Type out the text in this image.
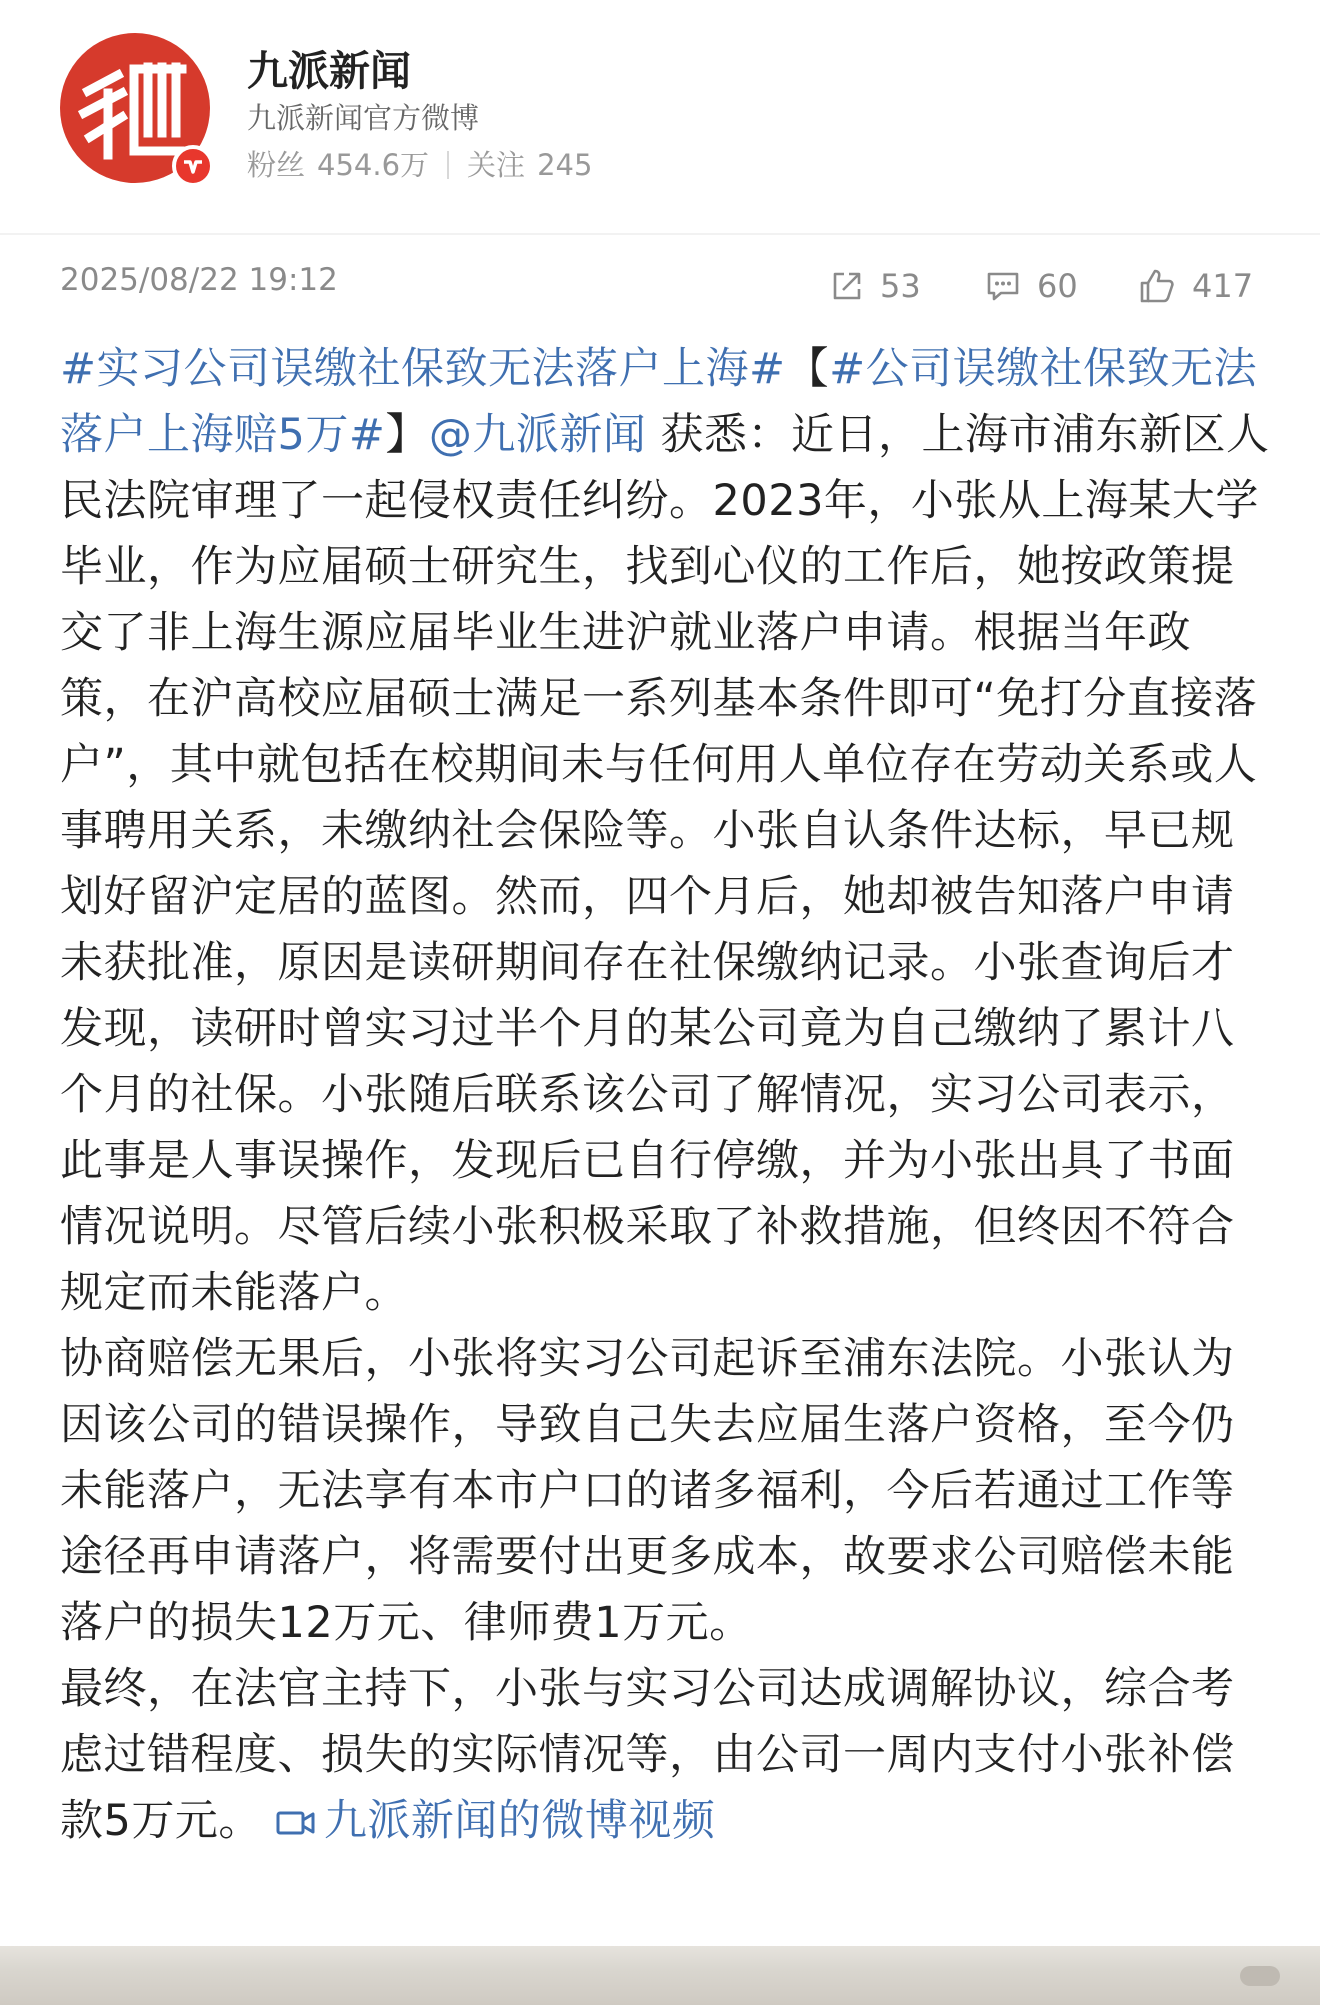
九派新闻
九派新闻官方微博
粉丝 454.6万 关注 245
2025/08/22 19:12	53	60	417

#实习公司误缴社保致无法落户上海#【#公司误缴社保致无法落户上海赔5万#】@九派新闻 获悉：近日，上海市浦东新区人民法院审理了一起侵权责任纠纷。2023年，小张从上海某大学毕业，作为应届硕士研究生，找到心仪的工作后，她按政策提交了非上海生源应届毕业生进沪就业落户申请。根据当年政策，在沪高校应届硕士满足一系列基本条件即可“免打分直接落户”，其中就包括在校期间未与任何用人单位存在劳动关系或人事聘用关系，未缴纳社会保险等。小张自认条件达标，早已规划好留沪定居的蓝图。然而，四个月后，她却被告知落户申请未获批准，原因是读研期间存在社保缴纳记录。小张查询后才发现，读研时曾实习过半个月的某公司竟为自己缴纳了累计八个月的社保。小张随后联系该公司了解情况，实习公司表示，此事是人事误操作，发现后已自行停缴，并为小张出具了书面情况说明。尽管后续小张积极采取了补救措施，但终因不符合规定而未能落户。

协商赔偿无果后，小张将实习公司起诉至浦东法院。小张认为因该公司的错误操作，导致自己失去应届生落户资格，至今仍未能落户，无法享有本市户口的诸多福利，今后若通过工作等途径再申请落户，将需要付出更多成本，故要求公司赔偿未能落户的损失12万元、律师费1万元。

最终，在法官主持下，小张与实习公司达成调解协议，综合考虑过错程度、损失的实际情况等，由公司一周内支付小张补偿款5万元。 九派新闻的微博视频
